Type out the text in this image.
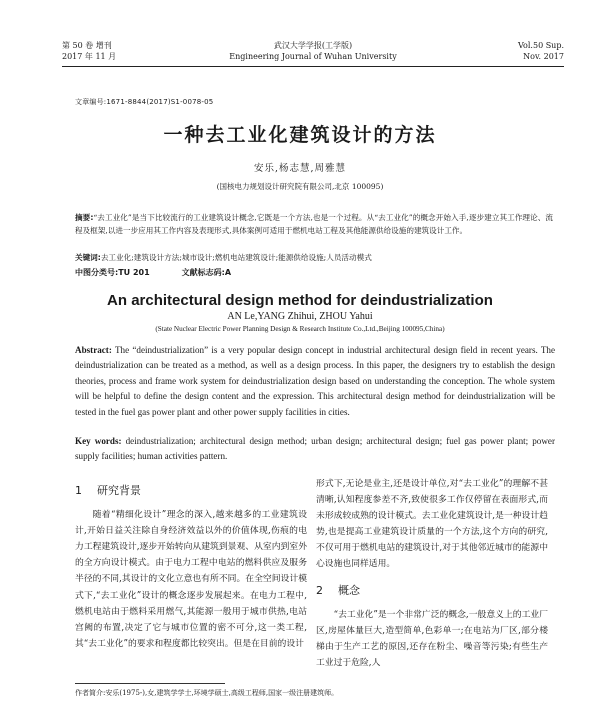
第 50 卷 增刊
2017 年 11 月
武汉大学学报(工学版)
Engineering Journal of Wuhan University
Vol.50 Sup.
Nov. 2017
文章编号:1671-8844(2017)S1-0078-05
一种去工业化建筑设计的方法
安乐,杨志慧,周雅慧
(国核电力规划设计研究院有限公司,北京 100095)
摘要:“去工业化”是当下比较流行的工业建筑设计概念,它既是一个方法,也是一个过程。从“去工业化”的概念开始入手,逐步建立其工作理论、流程及框架,以进一步应用其工作内容及表现形式,具体案例可适用于燃机电站工程及其他能源供给设施的建筑设计工作。
关键词:去工业化;建筑设计方法;城市设计;燃机电站建筑设计;能源供给设施;人员活动模式
中图分类号:TU 201	文献标志码:A
An architectural design method for deindustrialization
AN Le,YANG Zhihui, ZHOU Yahui
(State Nuclear Electric Power Planning Design & Research Institute Co.,Ltd.,Beijing 100095,China)
Abstract: The “deindustrialization” is a very popular design concept in industrial architectural design field in recent years. The deindustrialization can be treated as a method, as well as a design process. In this paper, the designers try to establish the design theories, process and frame work system for deindustrialization design based on understanding the conception. The whole system will be helpful to define the design content and the expression. This architectural design method for deindustrialization will be tested in the fuel gas power plant and other power supply facilities in cities.
Key words: deindustrialization; architectural design method; urban design; architectural design; fuel gas power plant; power supply facilities; human activities pattern.
1 研究背景

随着“精细化设计”理念的深入,越来越多的工业建筑设计,开始日益关注除自身经济效益以外的价值体现,伤痕的电力工程建筑设计,逐步开始转向从建筑到景观、从室内到室外的全方向设计模式。由于电力工程中电站的燃料供应及服务半径的不同,其设计的文化立意也有所不同。在全空间设计模式下,“去工业化”设计的概念逐步发展起来。在电力工程中,燃机电站由于燃料采用燃气,其能源一般用于城市供热,电站宫阙的布置,决定了它与城市位置的密不可分,这一类工程,其“去工业化”的要求和程度都比较突出。但是在目前的设计

形式下,无论是业主,还是设计单位,对“去工业化”的理解不甚清晰,认知程度参差不齐,致使很多工作仅停留在表面形式,而未形成较成熟的设计模式。去工业化建筑设计,是一种设计趋势,也是提高工业建筑设计质量的一个方法,这个方向的研究,不仅可用于燃机电站的建筑设计,对于其他邻近城市的能源中心设施也同样适用。

2 概念

“去工业化”是一个非常广泛的概念,一般意义上的工业厂区,房屋体量巨大,造型简单,色彩单一;在电站为厂区,部分楼梯由于生产工艺的原因,还存在粉尘、噪音等污染;有些生产工业过于危险,人

作者简介:安乐(1975-),女,建筑学学士,环境学硕士,高级工程师,国家一级注册建筑师。
